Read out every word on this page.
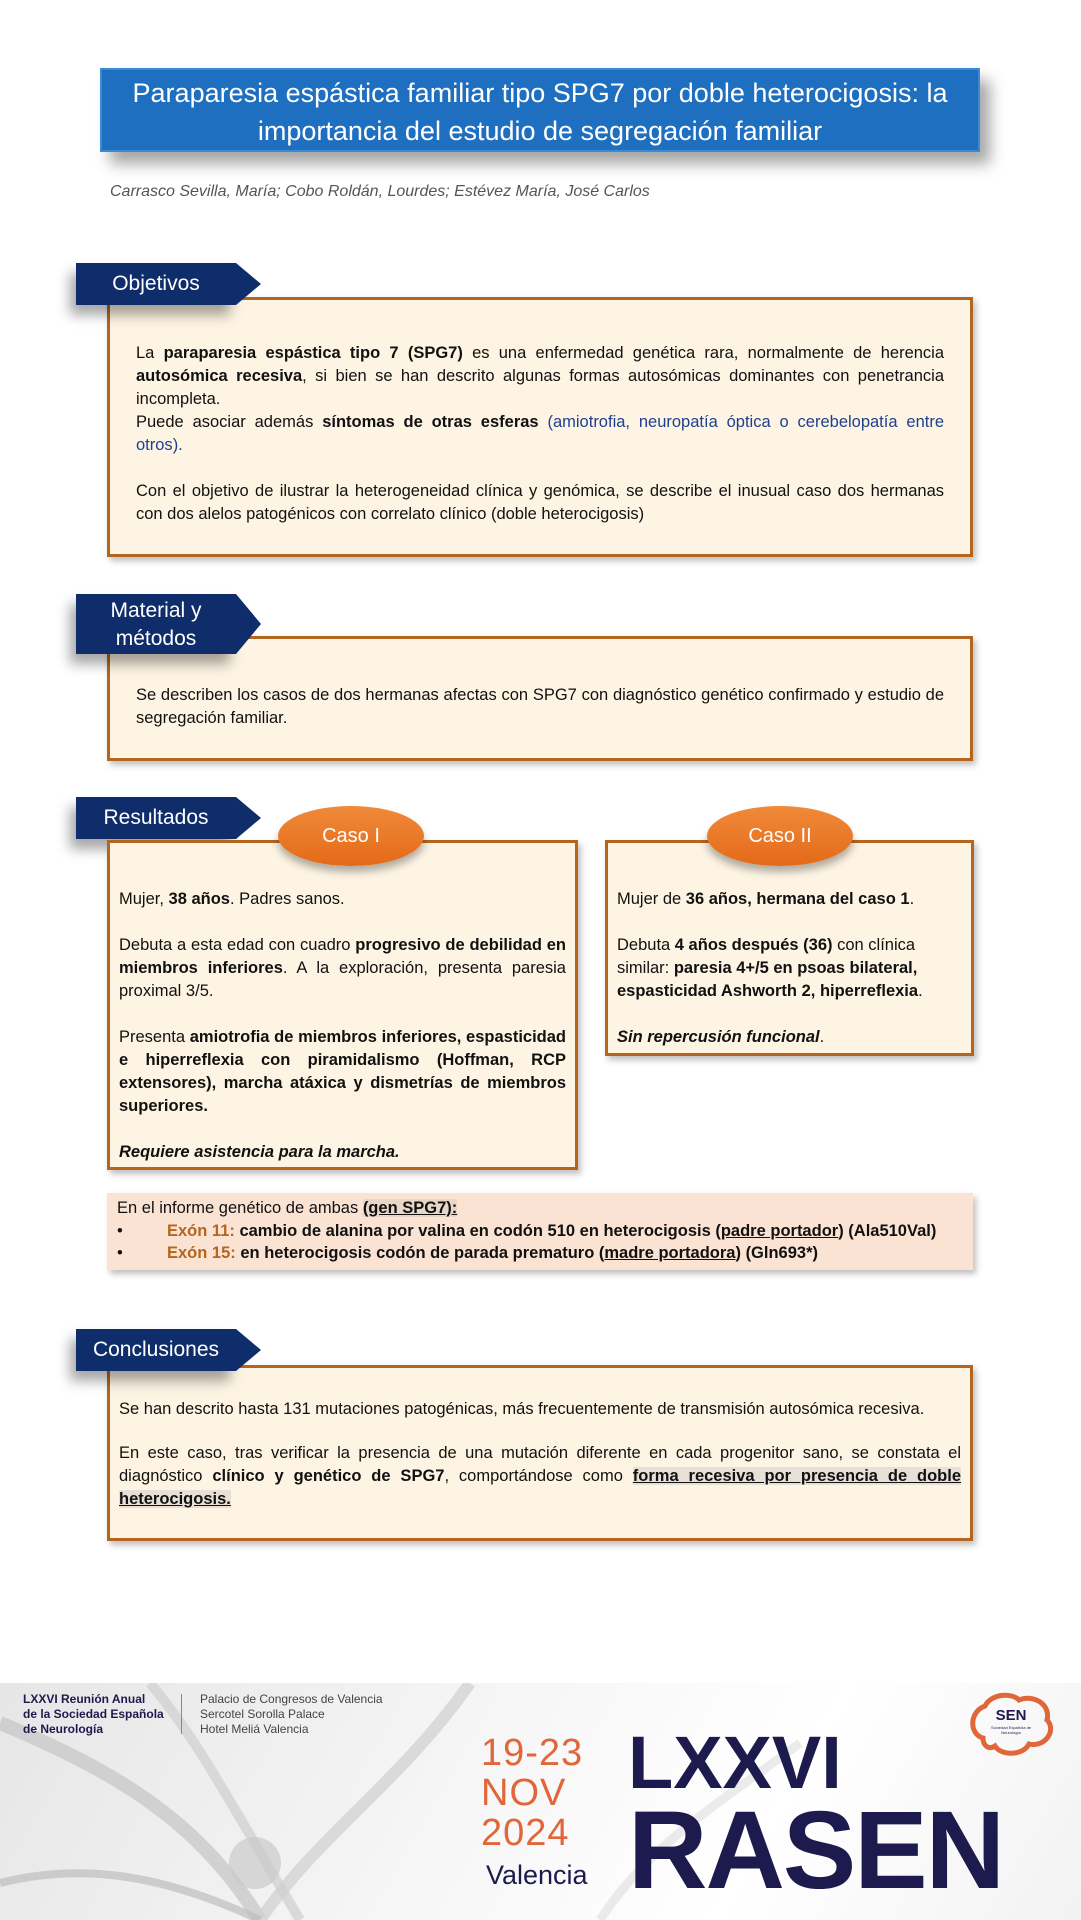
Paraparesia espástica familiar tipo SPG7 por doble heterocigosis: la
importancia del estudio de segregación familiar
Carrasco Sevilla, María; Cobo Roldán, Lourdes; Estévez María, José Carlos

La paraparesia espástica tipo 7 (SPG7) es una enfermedad genética rara, normalmente de herencia autosómica recesiva, si bien se han descrito algunas formas autosómicas dominantes con penetrancia incompleta.

Puede asociar además síntomas de otras esferas (amiotrofia, neuropatía óptica o cerebelopatía entre otros).

Con el objetivo de ilustrar la heterogeneidad clínica y genómica, se describe el inusual caso dos hermanas con dos alelos patogénicos con correlato clínico (doble heterocigosis)

Objetivos

Se describen los casos de dos hermanas afectas con SPG7 con diagnóstico genético confirmado y estudio de segregación familiar.

Material y
métodos
Resultados

Mujer, 38 años. Padres sanos.

Debuta a esta edad con cuadro progresivo de debilidad en miembros inferiores. A la exploración, presenta paresia proximal 3/5.

Presenta amiotrofia de miembros inferiores, espasticidad e hiperreflexia con piramidalismo (Hoffman, RCP extensores), marcha atáxica y dismetrías de miembros superiores.

Requiere asistencia para la marcha.

Caso I

Mujer de 36 años, hermana del caso 1.

Debuta 4 años después (36) con clínica similar: paresia 4+/5 en psoas bilateral, espasticidad Ashworth 2, hiperreflexia.

Sin repercusión funcional.

Caso II
En el informe genético de ambas (gen SPG7):
•	Exón 11: cambio de alanina por valina en codón 510 en heterocigosis (padre portador) (Ala510Val)
•	Exón 15: en heterocigosis codón de parada prematuro (madre portadora) (Gln693*)

Se han descrito hasta 131 mutaciones patogénicas, más frecuentemente de transmisión autosómica recesiva.

En este caso, tras verificar la presencia de una mutación diferente en cada progenitor sano, se constata el diagnóstico clínico y genético de SPG7, comportándose como forma recesiva por presencia de doble heterocigosis.

Conclusiones
LXXVI Reunión Anual
de la Sociedad Española
de Neurología
Palacio de Congresos de Valencia
Sercotel Sorolla Palace
Hotel Meliá Valencia
19-23
NOV
2024
Valencia
LXXVI
RASEN
SEN
Sociedad Española de Neurología
